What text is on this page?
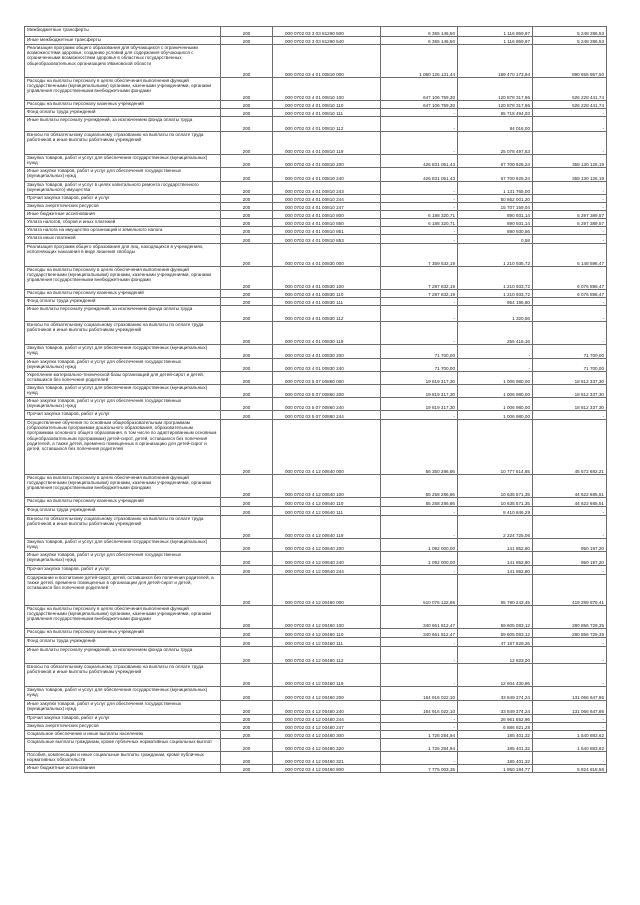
Межбюджетные трансферты	200	000 0702 03 3 03 81290 500	6 365 146,50	1 116 859,97	5 248 286,53
Иные межбюджетные трансферты	200	000 0702 03 3 03 81290 540	6 365 146,50	1 116 859,97	5 248 286,53
Реализация программ общего образования для обучающихся с ограниченными возможностями здоровья, созданию условий для содержания обучающихся с ограниченными возможностями здоровья в областных государственных общеобразовательных организациях Ивановской области	200	000 0702 03 4 01 00810 000	1 060 126 131,44	189 470 173,94	890 655 957,50
Расходы на выплаты персоналу в целях обеспечения выполнения функций государственными (муниципальными) органами, казенными учреждениями, органами управления государственными внебюджетными фондами	200	000 0702 03 4 01 00810 100	647 106 759,30	120 878 317,86	526 228 441,74
Расходы на выплаты персоналу казенных учреждений	200	000 0702 03 4 01 00810 110	647 106 759,30	120 878 317,86	526 228 441,74
Фонд оплаты труда учреждений	200	000 0702 03 4 01 00810 111	-	95 718 494,03	-
Иные выплаты персоналу учреждений, за исключением фонда оплаты труда	200	000 0702 03 4 01 00810 112	-	84 016,00	-
Взносы по обязательному социальному страхованию на выплаты по оплате труда работников и иные выплаты работникам учреждений	200	000 0702 03 4 01 00810 119	-	25 078 497,53	-
Закупка товаров, работ и услуг для обеспечения государственных (муниципальных) нужд	200	000 0702 03 4 01 00810 200	426 831 051,43	67 700 925,24	359 130 126,19
Иные закупки товаров, работ и услуг для обеспечения государственных (муниципальных) нужд	200	000 0702 03 4 01 00810 240	426 831 051,43	67 700 925,24	359 130 126,19
Закупка товаров, работ и услуг в целях капитального ремонта государственного (муниципального) имущества	200	000 0702 03 4 01 00810 243	-	1 131 765,00	-
Прочая закупка товаров, работ и услуг	200	000 0702 03 4 01 00810 244	-	50 862 001,20	-
Закупка энергетических ресурсов	200	000 0702 03 4 01 00810 247	-	15 707 159,04	-
Иные бюджетные ассигнования	200	000 0702 03 4 01 00810 800	6 188 320,71	890 931,14	5 297 389,57
Уплата налогов, сборов и иных платежей	200	000 0702 03 4 01 00810 850	6 188 320,71	890 931,14	5 297 389,57
Уплата налога на имущество организаций и земельного налога	200	000 0702 03 4 01 00810 851	-	890 930,56	-
Уплата иных платежей	200	000 0702 03 4 01 00810 853	-	0,58	-
Реализация программ общего образования для лиц, находящихся в учреждениях, исполняющих наказания в виде лишения свободы	200	000 0702 03 4 01 00830 000	7 359 532,19	1 210 935,72	6 148 596,47
Расходы на выплаты персоналу в целях обеспечения выполнения функций государственными (муниципальными) органами, казенными учреждениями, органами управления государственными внебюджетными фондами	200	000 0702 03 4 01 00830 100	7 287 832,19	1 210 933,72	6 076 898,47
Расходы на выплаты персоналу казенных учреждений	200	000 0702 03 4 01 00830 110	7 287 832,19	1 210 933,72	6 076 898,47
Фонд оплаты труда учреждений	200	000 0702 03 4 01 00830 111	-	954 196,80	-
Иные выплаты персоналу учреждений, за исключением фонда оплаты труда	200	000 0702 03 4 01 00830 112	-	1 320,56	-
Взносы по обязательному социальному страхованию на выплаты по оплате труда работников и иные выплаты работникам учреждений	200	000 0702 03 4 01 00830 119	-	255 416,16	-
Закупка товаров, работ и услуг для обеспечения государственных (муниципальных) нужд	200	000 0702 03 4 01 00830 200	71 700,00	-	71 700,00
Иные закупки товаров, работ и услуг для обеспечения государственных (муниципальных) нужд	200	000 0702 03 4 01 00830 240	71 700,00	-	71 700,00
Укрепление материально-технической базы организаций для детей-сирот и детей, оставшихся без попечения родителей	200	000 0702 03 5 07 00860 000	19 819 317,30	1 006 980,00	18 812 337,30
Закупка товаров, работ и услуг для обеспечения государственных (муниципальных) нужд	200	000 0702 03 5 07 00860 200	19 819 317,30	1 006 980,00	18 812 337,30
Иные закупки товаров, работ и услуг для обеспечения государственных (муниципальных) нужд	200	000 0702 03 5 07 00860 240	19 819 317,30	1 006 980,00	18 812 337,30
Прочая закупка товаров, работ и услуг	200	000 0702 03 5 07 00860 244	-	1 006 980,00	-
Осуществление обучения по основным общеобразовательным программам (образовательным программам дошкольного образования, образовательным программам основного общего образования, в том числе по адаптированным основным общеобразовательным программам) детей-сирот, детей, оставшихся без попечения родителей, а также детей, временно помещенных в организацию для детей-сирот и детей, оставшихся без попечения родителей	200	000 0702 03 4 12 00640 000	56 350 286,86	10 777 614,65	45 572 682,21
Расходы на выплаты персоналу в целях обеспечения выполнения функций государственными (муниципальными) органами, казенными учреждениями, органами управления государственными внебюджетными фондами	200	000 0702 03 4 12 00640 100	55 258 286,86	10 635 571,35	44 622 685,51
Расходы на выплаты персоналу казенных учреждений	200	000 0702 03 4 12 00640 110	55 258 286,86	10 635 571,35	44 622 685,51
Фонд оплаты труда учреждений	200	000 0702 03 4 12 00640 111	-	8 410 846,29	-
Взносы по обязательному социальному страхованию на выплаты по оплате труда работников и иные выплаты работникам учреждений	200	000 0702 03 4 12 00640 119	-	2 224 725,06	-
Закупка товаров, работ и услуг для обеспечения государственных (муниципальных) нужд	200	000 0702 03 4 12 00640 200	1 092 000,00	141 852,80	950 197,20
Иные закупки товаров, работ и услуг для обеспечения государственных (муниципальных) нужд	200	000 0702 03 4 12 00640 240	1 092 000,00	141 852,80	950 197,20
Прочая закупка товаров, работ и услуг	200	000 0702 03 4 12 00640 244	-	141 852,80	-
Содержание и воспитание детей-сирот, детей, оставшихся без попечения родителей, а также детей, временно помещенных в организации для детей-сирот и детей, оставшихся без попечения родителей	200	000 0702 03 4 12 00460 000	510 076 122,86	95 780 243,45	419 289 879,41
Расходы на выплаты персоналу в целях обеспечения выполнения функций государственными (муниципальными) органами, казенными учреждениями, органами управления государственными внебюджетными фондами	200	000 0702 03 4 12 00460 100	340 661 812,47	59 605 083,12	280 856 729,35
Расходы на выплаты персоналу казенных учреждений	200	000 0702 03 4 12 00460 110	340 661 812,47	59 605 083,12	280 856 729,35
Фонд оплаты труда учреждений	200	000 0702 03 4 12 00460 111	-	47 187 829,26	-
Иные выплаты персоналу учреждений, за исключением фонда оплаты труда	200	000 0702 03 4 12 00460 112	-	12 823,00	-
Взносы по обязательному социальному страхованию на выплаты по оплате труда работников и иные выплаты работникам учреждений	200	000 0702 03 4 12 00460 119	-	12 604 430,86	-
Закупка товаров, работ и услуг для обеспечения государственных (муниципальных) нужд	200	000 0702 03 4 12 00460 200	164 916 022,10	33 849 374,24	131 066 647,86
Иные закупки товаров, работ и услуг для обеспечения государственных (муниципальных) нужд	200	000 0702 03 4 12 00460 240	164 916 022,10	33 849 374,24	131 066 647,86
Прочая закупка товаров, работ и услуг	200	000 0702 03 4 12 00460 244	-	26 961 552,96	-
Закупка энергетических ресурсов	200	000 0702 03 4 12 00460 247	-	6 886 821,28	-
Социальное обеспечение и иные выплаты населению	200	000 0702 03 4 12 00460 300	1 726 284,94	185 401,32	1 540 883,62
Социальные выплаты гражданам, кроме публичных нормативных социальных выплат	200	000 0702 03 4 12 00460 320	1 726 284,94	185 401,32	1 540 883,62
Пособия, компенсации и иные социальные выплаты гражданам, кроме публичных нормативных обязательств	200	000 0702 03 4 12 00460 321	-	185 401,32	-
Иные бюджетные ассигнования	200	000 0702 03 4 12 00460 800	7 775 003,35	1 950 184,77	5 824 818,58
